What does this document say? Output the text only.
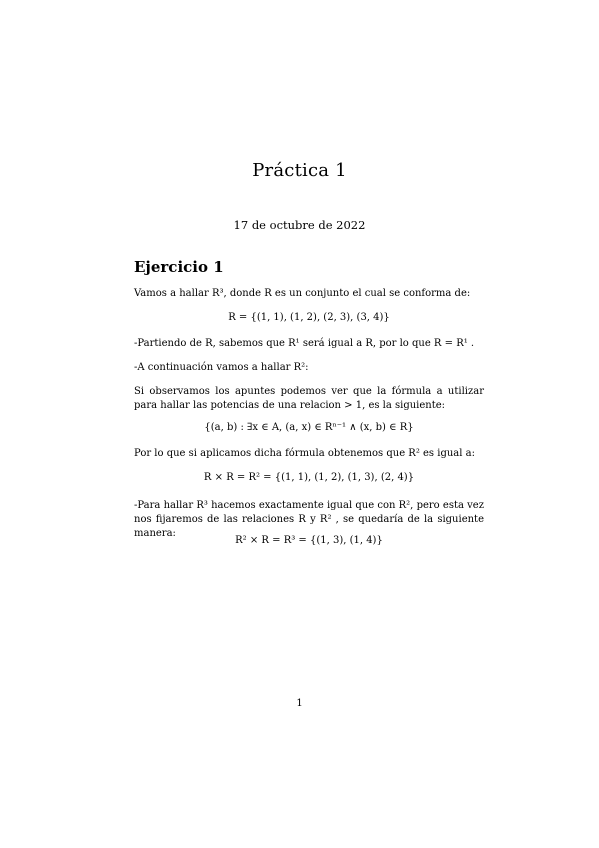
Práctica 1
17 de octubre de 2022
Ejercicio 1
Vamos a hallar R³, donde R es un conjunto el cual se conforma de:
R = {(1, 1), (1, 2), (2, 3), (3, 4)}
-Partiendo de R, sabemos que R¹ será igual a R, por lo que R = R¹ .
-A continuación vamos a hallar R²:
Si observamos los apuntes podemos ver que la fórmula a utilizar para hallar las potencias de una relacion > 1, es la siguiente:
{(a, b) : ∃x ∈ A, (a, x) ∈ Rⁿ⁻¹ ∧ (x, b) ∈ R}
Por lo que si aplicamos dicha fórmula obtenemos que R² es igual a:
R × R = R² = {(1, 1), (1, 2), (1, 3), (2, 4)}
-Para hallar R³ hacemos exactamente igual que con R², pero esta vez nos fijaremos de las relaciones R y R² , se quedaría de la siguiente manera:
R² × R = R³ = {(1, 3), (1, 4)}
1
